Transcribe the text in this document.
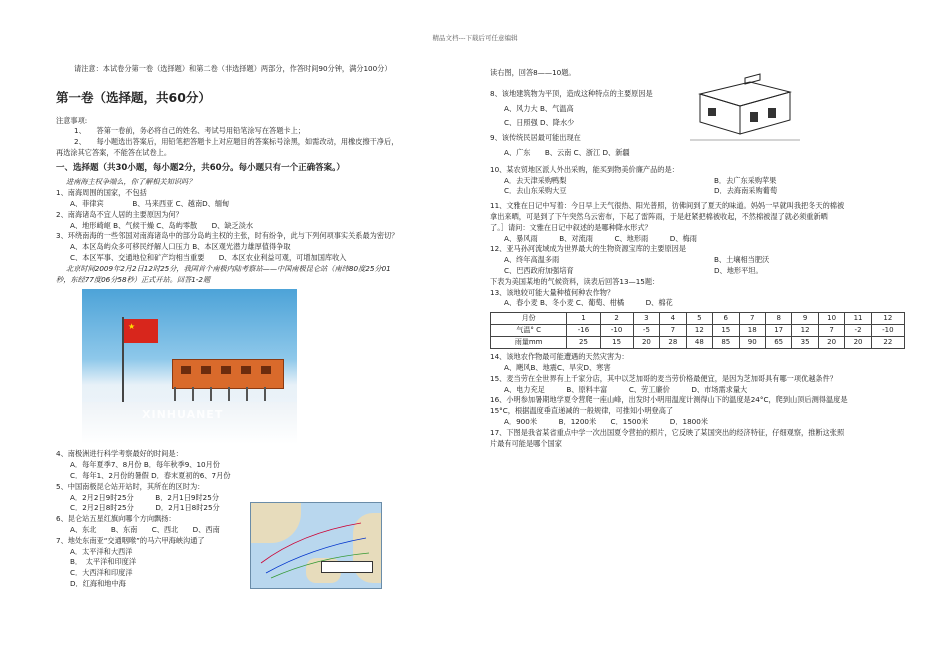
精品文档---下载后可任意编辑

请注意：本试卷分第一卷（选择题）和第二卷（非选择题）两部分，作答时间90分钟，满分100分）

第一卷（选择题，共60分）

注意事项:

1、　　答第一卷前，务必将自己的姓名、考试号用铅笔涂写在答题卡上；

2、　　每小题选出答案后，用铅笔把答题卡上对应题目的答案标号涂黑，如需改动，用橡皮擦干净后，

再选涂其它答案，不能答在试卷上。

一、选择题（共30小题，每小题2分，共60分。每小题只有一个正确答案。）

进南海主权争端么，你了解相关知识吗？

1、南海周围的国家，不包括

A、菲律宾　　　　B、马来西亚 C、越南D、缅甸

2、南海诸岛不宜人居的主要原因为何？

A、地形崎岖 B、气候干燥 C、岛屿零散　　D、缺乏淡水

3、环绕南海的一些邻国对南海诸岛中的部分岛屿主权的主张，时有纷争，此与下列何项事实关系最为密切？

A、本区岛屿众多可移民纾解人口压力 B、本区观光潜力雄厚值得争取

C、本区军事、交通地位和矿产均相当重要　　D、本区农业利益可观，可增加国库收入

北京时间2009年2月2日12时25分，我国首个南极内陆考察站——中国南极昆仑站（南纬80度25分01

秒，东经77度06分58秒）正式开站。回答1-2题

★
XINHUANET

4、南极洲进行科学考察最好的时间是：

A．每年夏季7、8月份 B．每年秋季9、10月份

C．每年1、2月份的暑假 D．春末夏初的6、7月份

5、中国南极昆仑站开站时，其所在的区时为：

A．2月2日9时25分　　　B．2月1日9时25分

C．2月2日8时25分　　　D．2月1日8时25分

6、昆仑站五星红旗向哪个方向飘扬：

A、东北　　B、东南　　C、西北　　D、西南

7、地处东南亚“交通咽喉”的马六甲海峡沟通了

A．太平洋和大西洋

B．　太平洋和印度洋

C．大西洋和印度洋

D．红海和地中海

读右图，回答8——10题。

8、该地建筑物为平顶，造成这种特点的主要原因是

A、风力大 B、气温高

C、日照强 D、降水少

9、该传统民居最可能出现在

A、广东　　B、云南 C、浙江 D、新疆

10、某农贸地区派人外出采购，能买到物美价廉产品的是：

A．去天津采购鸭梨	B．去广东采购苹果
C．去山东采购大豆	D．去海南采购葡萄

11、文雅在日记中写着：今日早上天气很热、阳光普照，彷佛间到了夏天的味道。妈妈一早就叫我把冬天的棉被

拿出来晒，可是到了下午突然乌云密布，下起了雷阵雨，于是赶紧把棉被收起，不然棉被湿了就必须重新晒

了。］请问：文雅在日记中叙述的是哪种降水形式？

A、暴风雨　　　B、对流雨　　　C、地形雨　　　D、梅雨

12、亚马孙河流域成为世界最大的生物资源宝库的主要原因是

A、终年高温多雨	B、土壤相当肥沃
C、巴西政府加强培育	D、地形平坦。

下表为美国某地的气候资料，读表后回答13—15题：

13、该地较可能大量种植何种农作物？

A、春小麦 B、冬小麦 C、葡萄、柑橘　　　D、棉花

月份	1	2	3	4	5	6	7	8	9	10	11	12
气温° C	-16	-10	-5	7	12	15	18	17	12	7	-2	-10
雨量mm	25	15	20	28	48	85	90	65	35	20	20	22

14、该地农作物最可能遭遇的天然灾害为：

A、飓风B、地震C、旱灾D、寒害

15、麦当劳在全世界有上千家分店，其中以芝加哥的麦当劳价格最便宜，是因为芝加哥具有哪一项优越条件？

A、电力充足　　　B、原料丰富　　　C、劳工廉价　　　D、市场需求量大

16、小明参加暑期地学夏令营爬一座山峰，出发时小明用温度计测得山下的温度是24°C，爬到山顶后测得温度是

15°C，根据温度垂直递减的一般规律，可推知小明登高了

A．900米　　　B．1200米　　C．1500米　　　D．1800米

17、下图是我省某省重点中学一次出国夏令营拍的照片，它反映了某国突出的经济特征，仔细观察，推断这张照

片最有可能是哪个国家
